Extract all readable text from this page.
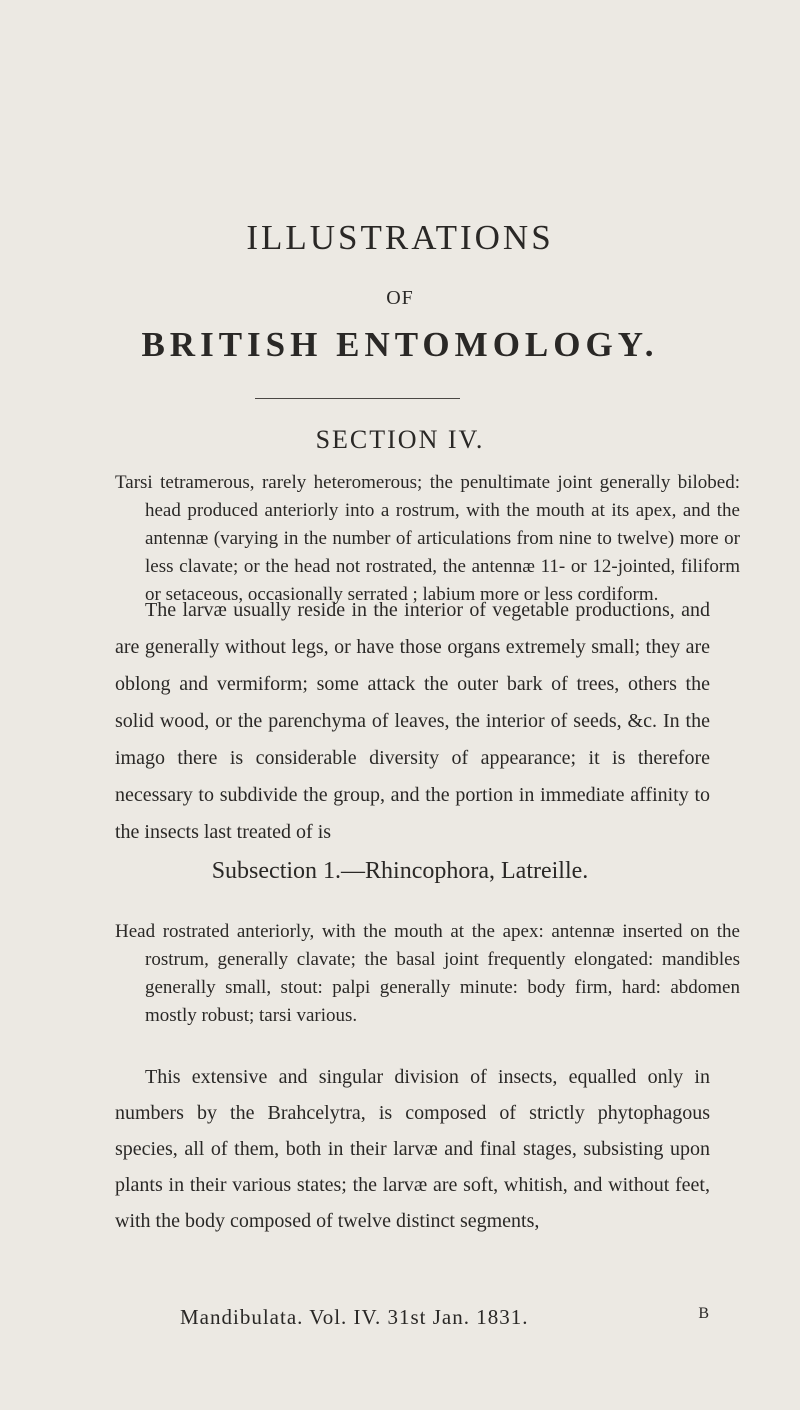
ILLUSTRATIONS
OF
BRITISH ENTOMOLOGY.
SECTION IV.

Tarsi tetramerous, rarely heteromerous; the penultimate joint generally bilobed: head produced anteriorly into a rostrum, with the mouth at its apex, and the antennæ (varying in the number of articulations from nine to twelve) more or less clavate; or the head not rostrated, the antennæ 11- or 12-jointed, filiform or setaceous, occasionally serrated ; labium more or less cordiform.

The larvæ usually reside in the interior of vegetable productions, and are generally without legs, or have those organs extremely small; they are oblong and vermiform; some attack the outer bark of trees, others the solid wood, or the parenchyma of leaves, the interior of seeds, &c. In the imago there is considerable diversity of appearance; it is therefore necessary to subdivide the group, and the portion in immediate affinity to the insects last treated of is

Subsection 1.—Rhincophora, Latreille.

Head rostrated anteriorly, with the mouth at the apex: antennæ inserted on the rostrum, generally clavate; the basal joint frequently elongated: mandibles generally small, stout: palpi generally minute: body firm, hard: abdomen mostly robust; tarsi various.

This extensive and singular division of insects, equalled only in numbers by the Brahcelytra, is composed of strictly phytophagous species, all of them, both in their larvæ and final stages, subsisting upon plants in their various states; the larvæ are soft, whitish, and without feet, with the body composed of twelve distinct segments,

Mandibulata. Vol. IV. 31st Jan. 1831.	B
